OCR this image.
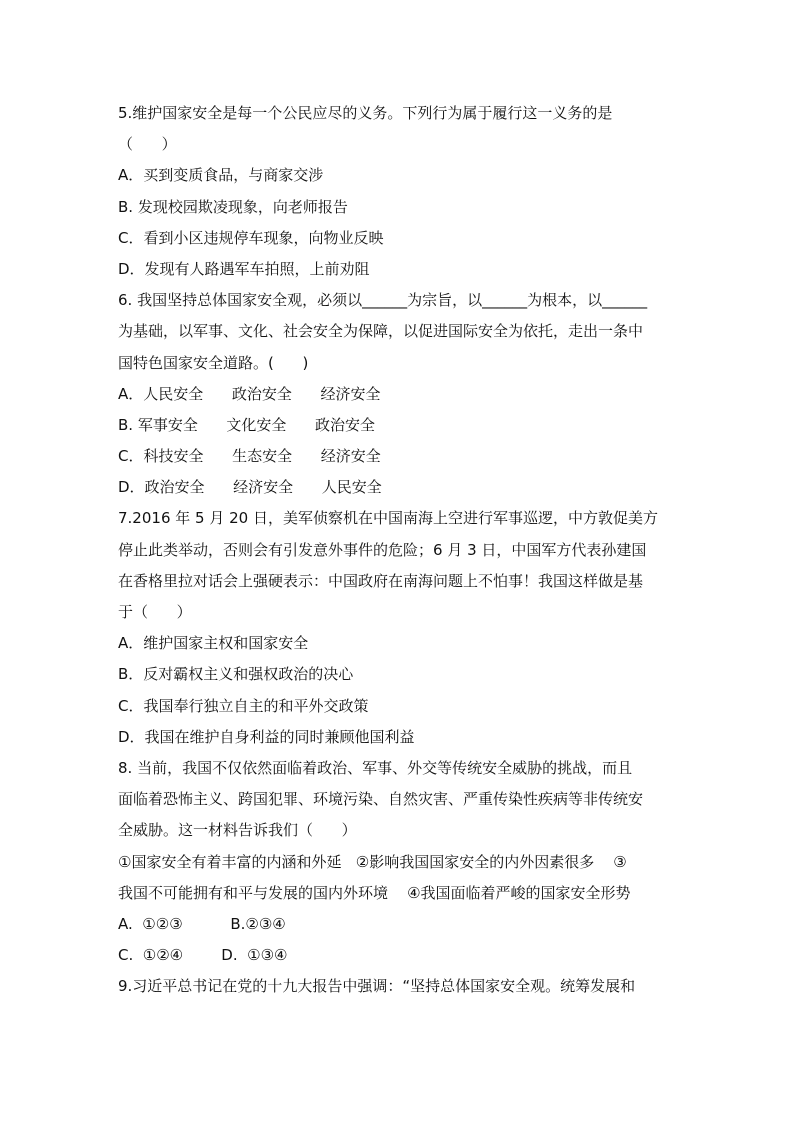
5.维护国家安全是每一个公民应尽的义务。下列行为属于履行这一义务的是
（      ）
A．买到变质食品，与商家交涉
B. 发现校园欺凌现象，向老师报告
C．看到小区违规停车现象，向物业反映
D．发现有人路遇军车拍照，上前劝阻
6. 我国坚持总体国家安全观，必须以______为宗旨，以______为根本，以______
为基础，以军事、文化、社会安全为保障，以促进国际安全为依托，走出一条中
国特色国家安全道路。(      )
A．人民安全      政治安全      经济安全
B. 军事安全      文化安全      政治安全
C．科技安全      生态安全      经济安全
D．政治安全      经济安全      人民安全
7.2016 年 5 月 20 日，美军侦察机在中国南海上空进行军事巡逻，中方敦促美方
停止此类举动，否则会有引发意外事件的危险；6 月 3 日，中国军方代表孙建国
在香格里拉对话会上强硬表示：中国政府在南海问题上不怕事！我国这样做是基
于（      ）
A．维护国家主权和国家安全
B．反对霸权主义和强权政治的决心
C．我国奉行独立自主的和平外交政策
D．我国在维护自身利益的同时兼顾他国利益
8. 当前，我国不仅依然面临着政治、军事、外交等传统安全威胁的挑战，而且
面临着恐怖主义、跨国犯罪、环境污染、自然灾害、严重传染性疾病等非传统安
全威胁。这一材料告诉我们（      ）
①国家安全有着丰富的内涵和外延   ②影响我国国家安全的内外因素很多    ③
我国不可能拥有和平与发展的国内外环境    ④我国面临着严峻的国家安全形势
A.  ①②③          B.②③④
C.  ①②④        D.  ①③④
9.习近平总书记在党的十九大报告中强调：“坚持总体国家安全观。统筹发展和
